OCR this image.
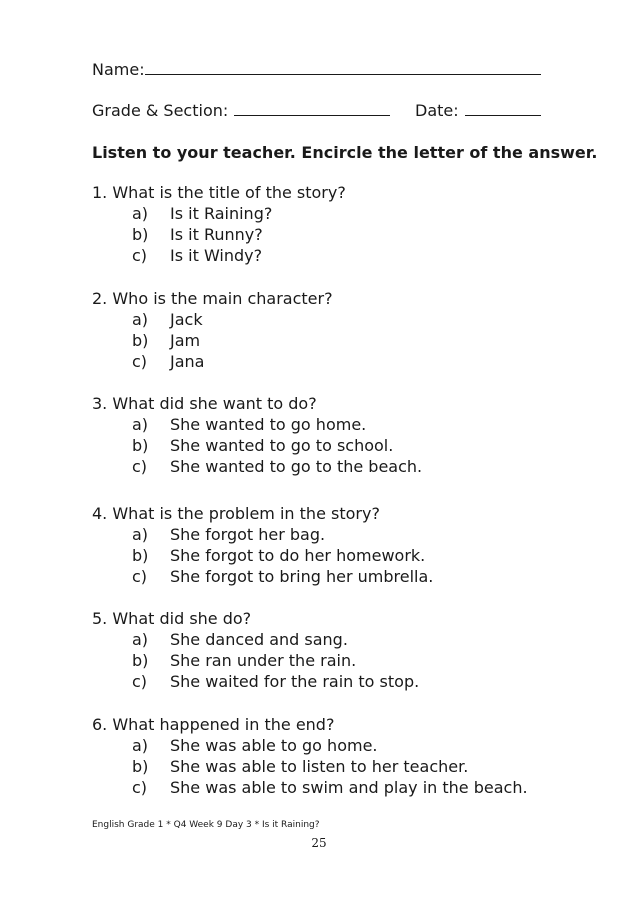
Name:
Grade & Section:	Date:
Listen to your teacher. Encircle the letter of the answer.
1. What is the title of the story?
a) Is it Raining?
b) Is it Runny?
c) Is it Windy?
2. Who is the main character?
a) Jack
b) Jam
c) Jana
3. What did she want to do?
a) She wanted to go home.
b) She wanted to go to school.
c) She wanted to go to the beach.
4. What is the problem in the story?
a) She forgot her bag.
b) She forgot to do her homework.
c) She forgot to bring her umbrella.
5. What did she do?
a) She danced and sang.
b) She ran under the rain.
c) She waited for the rain to stop.
6. What happened in the end?
a) She was able to go home.
b) She was able to listen to her teacher.
c) She was able to swim and play in the beach.
English Grade 1 * Q4 Week 9 Day 3 * Is it Raining?
25
